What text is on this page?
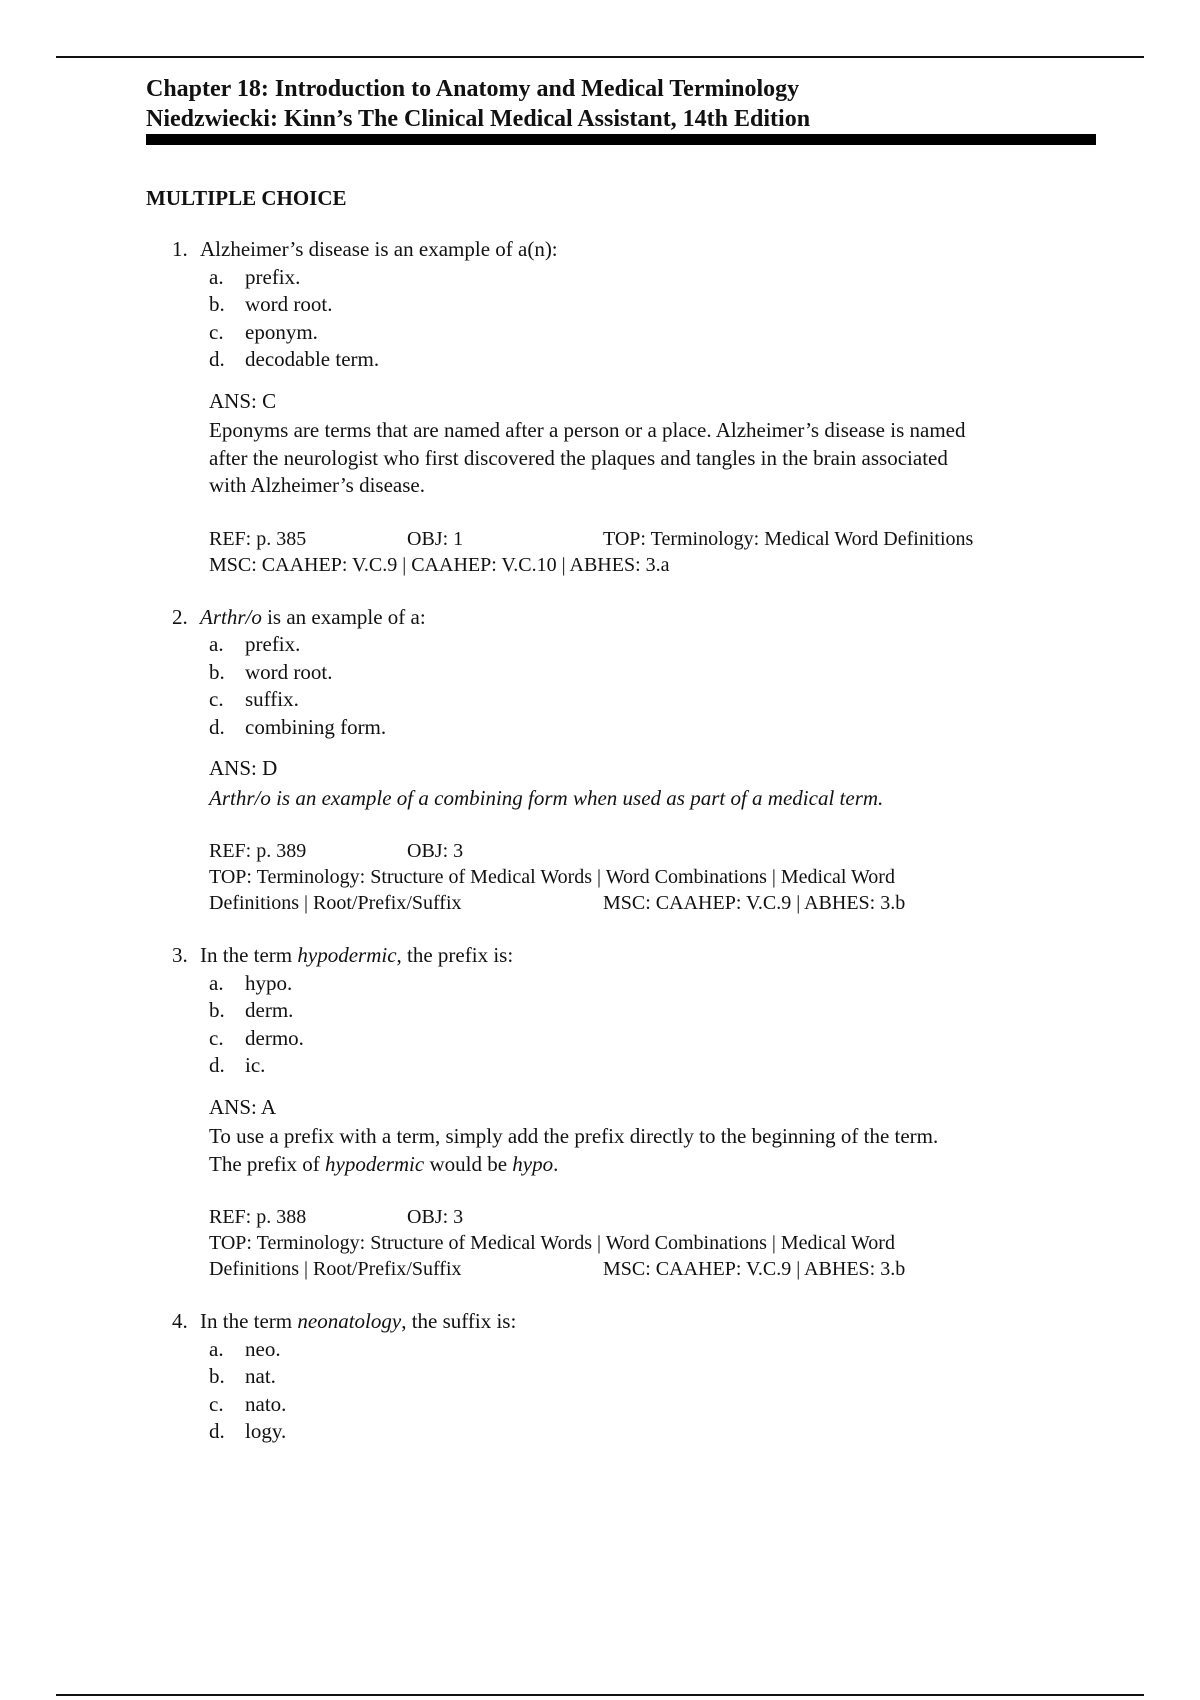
Chapter 18: Introduction to Anatomy and Medical Terminology
Niedzwiecki: Kinn’s The Clinical Medical Assistant, 14th Edition
MULTIPLE CHOICE
1. Alzheimer’s disease is an example of a(n):
a.	prefix.
b. word root.
c.	eponym.
d. decodable term.
ANS: C
Eponyms are terms that are named after a person or a place. Alzheimer’s disease is named
after the neurologist who first discovered the plaques and tangles in the brain associated
with Alzheimer’s disease.
REF: p. 385	OBJ: 1	TOP: Terminology: Medical Word Definitions
MSC: CAAHEP: V.C.9 | CAAHEP: V.C.10 | ABHES: 3.a
2. Arthr/o is an example of a:
a.	prefix.
b. word root.
c.	suffix.
d. combining form.
ANS: D
Arthr/o is an example of a combining form when used as part of a medical term.
REF: p. 389	OBJ: 3
TOP: Terminology: Structure of Medical Words | Word Combinations | Medical Word
Definitions | Root/Prefix/Suffix	MSC: CAAHEP: V.C.9 | ABHES: 3.b
3. In the term hypodermic, the prefix is:
a.	hypo.
b. derm.
c.	dermo.
d. ic.
ANS: A
To use a prefix with a term, simply add the prefix directly to the beginning of the term.
The prefix of hypodermic would be hypo.
REF: p. 388	OBJ: 3
TOP: Terminology: Structure of Medical Words | Word Combinations | Medical Word
Definitions | Root/Prefix/Suffix	MSC: CAAHEP: V.C.9 | ABHES: 3.b
4. In the term neonatology, the suffix is:
a.	neo.
b. nat.
c.	nato.
d. logy.
